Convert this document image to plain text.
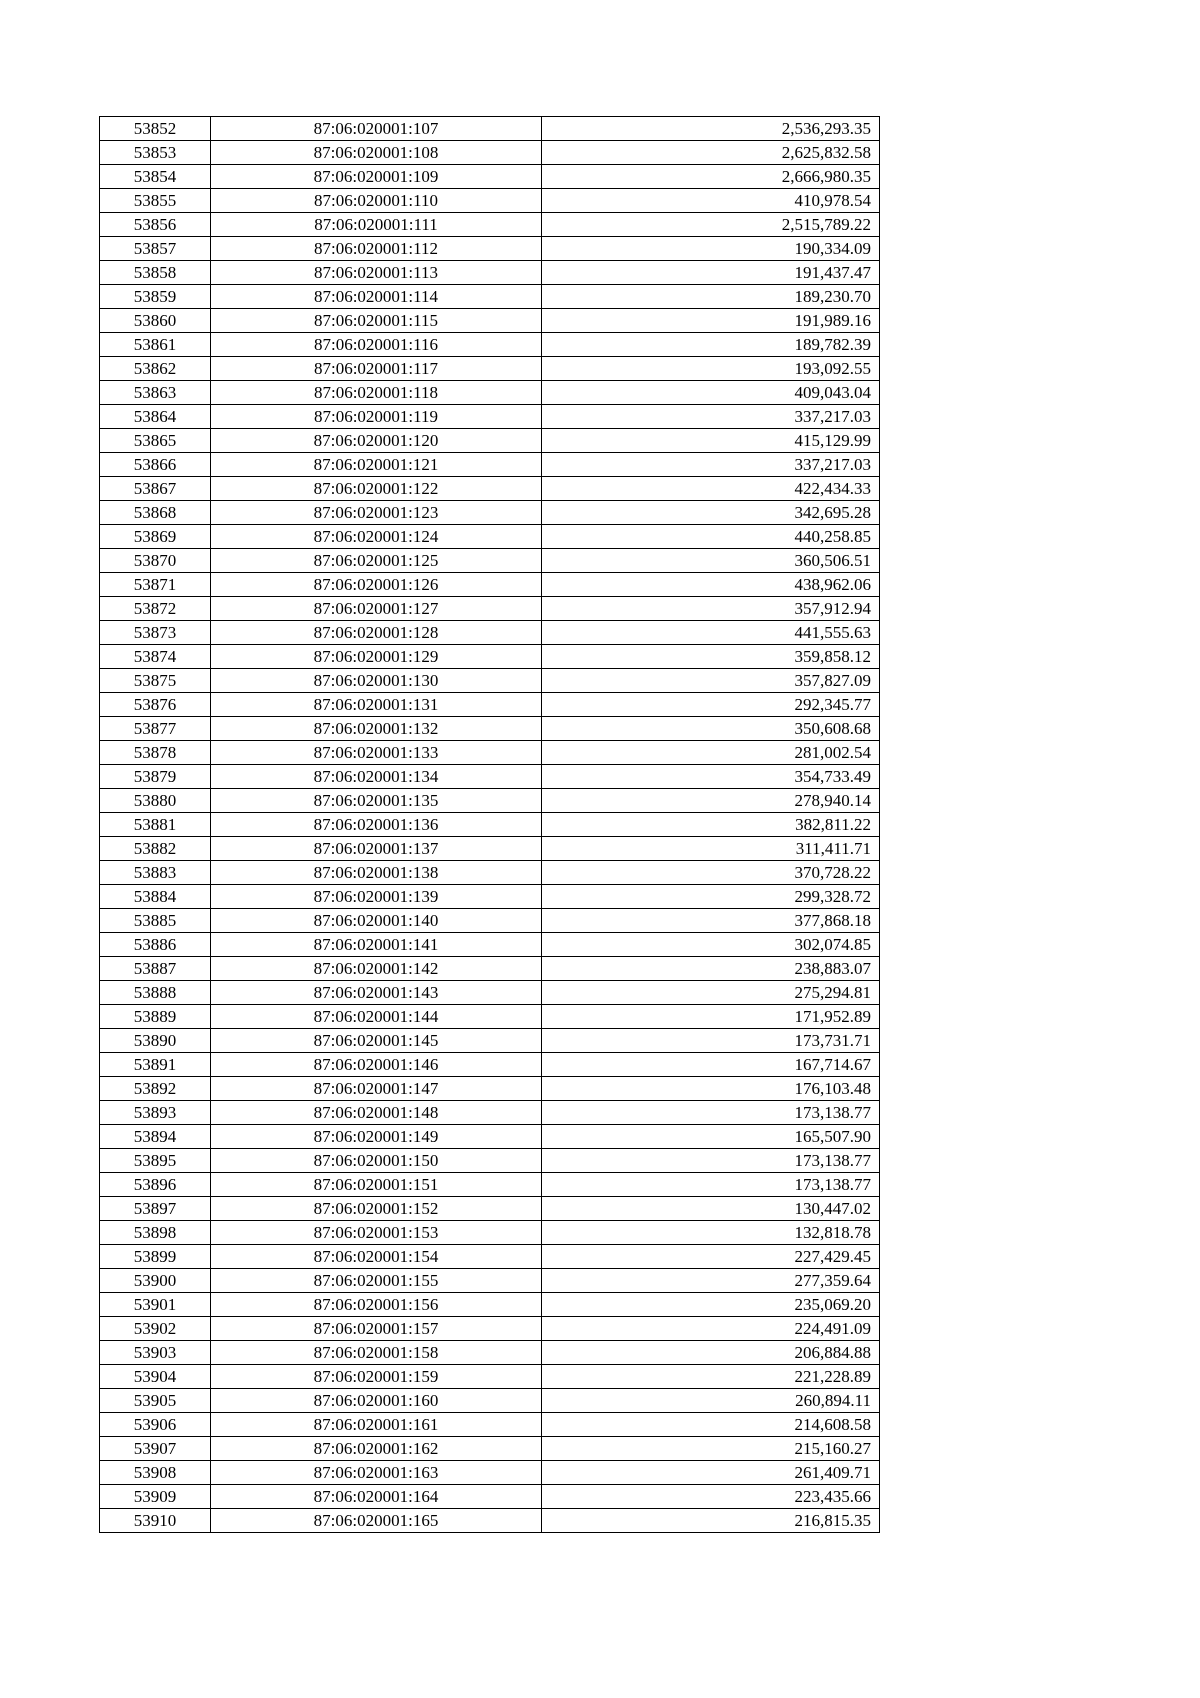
53852	87:06:020001:107	2,536,293.35
53853	87:06:020001:108	2,625,832.58
53854	87:06:020001:109	2,666,980.35
53855	87:06:020001:110	410,978.54
53856	87:06:020001:111	2,515,789.22
53857	87:06:020001:112	190,334.09
53858	87:06:020001:113	191,437.47
53859	87:06:020001:114	189,230.70
53860	87:06:020001:115	191,989.16
53861	87:06:020001:116	189,782.39
53862	87:06:020001:117	193,092.55
53863	87:06:020001:118	409,043.04
53864	87:06:020001:119	337,217.03
53865	87:06:020001:120	415,129.99
53866	87:06:020001:121	337,217.03
53867	87:06:020001:122	422,434.33
53868	87:06:020001:123	342,695.28
53869	87:06:020001:124	440,258.85
53870	87:06:020001:125	360,506.51
53871	87:06:020001:126	438,962.06
53872	87:06:020001:127	357,912.94
53873	87:06:020001:128	441,555.63
53874	87:06:020001:129	359,858.12
53875	87:06:020001:130	357,827.09
53876	87:06:020001:131	292,345.77
53877	87:06:020001:132	350,608.68
53878	87:06:020001:133	281,002.54
53879	87:06:020001:134	354,733.49
53880	87:06:020001:135	278,940.14
53881	87:06:020001:136	382,811.22
53882	87:06:020001:137	311,411.71
53883	87:06:020001:138	370,728.22
53884	87:06:020001:139	299,328.72
53885	87:06:020001:140	377,868.18
53886	87:06:020001:141	302,074.85
53887	87:06:020001:142	238,883.07
53888	87:06:020001:143	275,294.81
53889	87:06:020001:144	171,952.89
53890	87:06:020001:145	173,731.71
53891	87:06:020001:146	167,714.67
53892	87:06:020001:147	176,103.48
53893	87:06:020001:148	173,138.77
53894	87:06:020001:149	165,507.90
53895	87:06:020001:150	173,138.77
53896	87:06:020001:151	173,138.77
53897	87:06:020001:152	130,447.02
53898	87:06:020001:153	132,818.78
53899	87:06:020001:154	227,429.45
53900	87:06:020001:155	277,359.64
53901	87:06:020001:156	235,069.20
53902	87:06:020001:157	224,491.09
53903	87:06:020001:158	206,884.88
53904	87:06:020001:159	221,228.89
53905	87:06:020001:160	260,894.11
53906	87:06:020001:161	214,608.58
53907	87:06:020001:162	215,160.27
53908	87:06:020001:163	261,409.71
53909	87:06:020001:164	223,435.66
53910	87:06:020001:165	216,815.35
